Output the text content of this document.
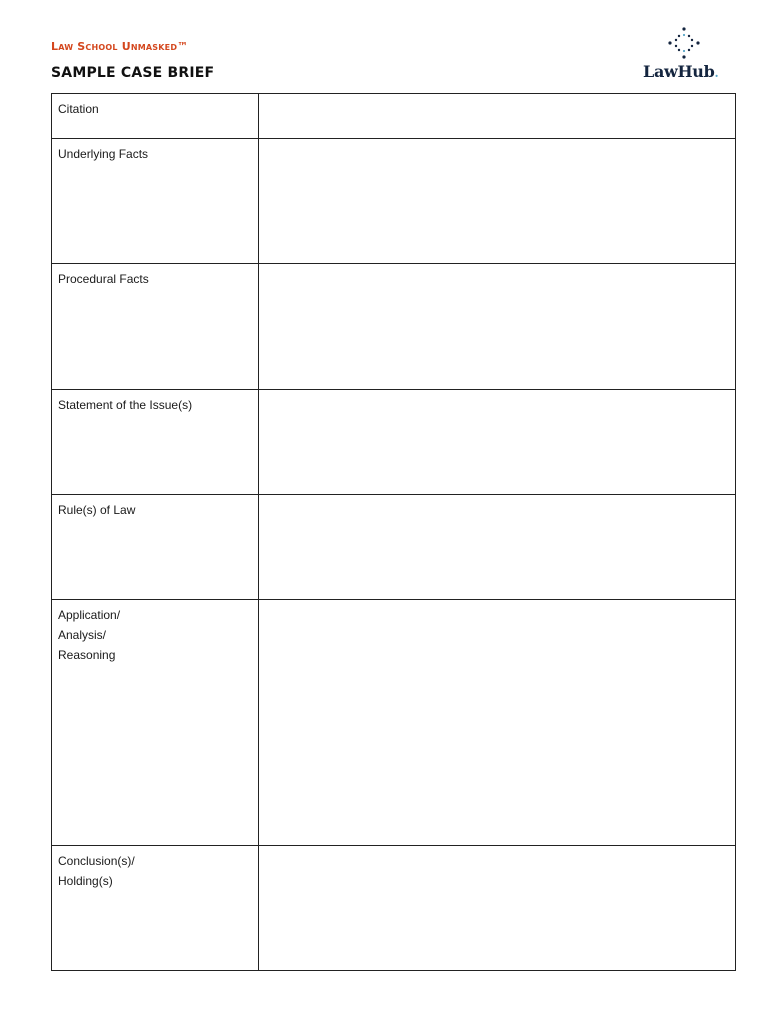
Law School Unmasked™
SAMPLE CASE BRIEF	LawHub.
Citation	

Underlying Facts	

Procedural Facts	

Statement of the Issue(s)	

Rule(s) of Law	

Application/
Analysis/
Reasoning	

Conclusion(s)/
Holding(s)	
